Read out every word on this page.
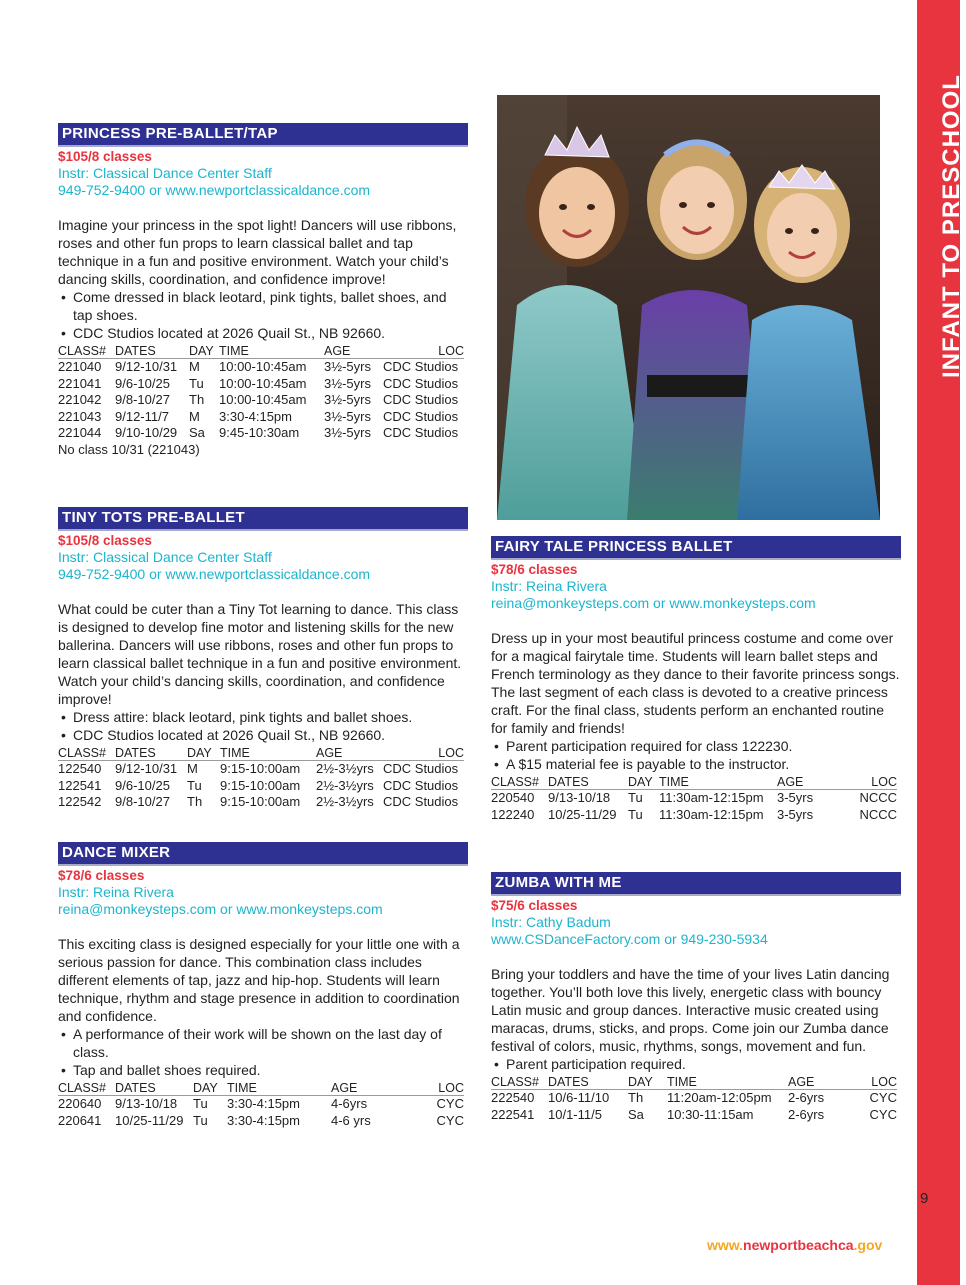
INFANT TO PRESCHOOL
PRINCESS PRE-BALLET/TAP
$105/8 classes
Instr: Classical Dance Center Staff
949-752-9400 or www.newportclassicaldance.com
Imagine your princess in the spot light! Dancers will use ribbons, roses and other fun props to learn classical ballet and tap technique in a fun and positive environment. Watch your child’s dancing skills, coordination, and confidence improve!
• Come dressed in black leotard, pink tights, ballet shoes, and tap shoes.
• CDC Studios located at 2026 Quail St., NB 92660.
CLASS#	DATES	DAY	TIME	AGE	LOC
221040	9/12-10/31	M	10:00-10:45am	3½-5yrs	CDC Studios
221041	9/6-10/25	Tu	10:00-10:45am	3½-5yrs	CDC Studios
221042	9/8-10/27	Th	10:00-10:45am	3½-5yrs	CDC Studios
221043	9/12-11/7	M	3:30-4:15pm	3½-5yrs	CDC Studios
221044	9/10-10/29	Sa	9:45-10:30am	3½-5yrs	CDC Studios
No class 10/31 (221043)
TINY TOTS PRE-BALLET
$105/8 classes
Instr: Classical Dance Center Staff
949-752-9400 or www.newportclassicaldance.com
What could be cuter than a Tiny Tot learning to dance. This class is designed to develop fine motor and listening skills for the new ballerina. Dancers will use ribbons, roses and other fun props to learn classical ballet technique in a fun and positive environment. Watch your child’s dancing skills, coordination, and confidence improve!
• Dress attire: black leotard, pink tights and ballet shoes.
• CDC Studios located at 2026 Quail St., NB 92660.
CLASS#	DATES	DAY	TIME	AGE	LOC
122540	9/12-10/31	M	9:15-10:00am	2½-3½yrs	CDC Studios
122541	9/6-10/25	Tu	9:15-10:00am	2½-3½yrs	CDC Studios
122542	9/8-10/27	Th	9:15-10:00am	2½-3½yrs	CDC Studios
DANCE MIXER
$78/6 classes
Instr: Reina Rivera
reina@monkeysteps.com or www.monkeysteps.com
This exciting class is designed especially for your little one with a serious passion for dance. This combination class includes different elements of tap, jazz and hip-hop. Students will learn technique, rhythm and stage presence in addition to coordination and confidence.
• A performance of their work will be shown on the last day of class.
• Tap and ballet shoes required.
CLASS#	DATES	DAY	TIME	AGE	LOC
220640	9/13-10/18	Tu	3:30-4:15pm	4-6yrs	CYC
220641	10/25-11/29	Tu	3:30-4:15pm	4-6 yrs	CYC
FAIRY TALE PRINCESS BALLET
$78/6 classes
Instr: Reina Rivera
reina@monkeysteps.com or www.monkeysteps.com
Dress up in your most beautiful princess costume and come over for a magical fairytale time. Students will learn ballet steps and French terminology as they dance to their favorite princess songs. The last segment of each class is devoted to a creative princess craft. For the final class, students perform an enchanted routine for family and friends!
• Parent participation required for class 122230.
• A $15 material fee is payable to the instructor.
CLASS#	DATES	DAY	TIME	AGE	LOC
220540	9/13-10/18	Tu	11:30am-12:15pm	3-5yrs	NCCC
122240	10/25-11/29	Tu	11:30am-12:15pm	3-5yrs	NCCC
ZUMBA WITH ME
$75/6 classes
Instr: Cathy Badum
www.CSDanceFactory.com or 949-230-5934
Bring your toddlers and have the time of your lives Latin dancing together. You’ll both love this lively, energetic class with bouncy Latin music and group dances. Interactive music created using maracas, drums, sticks, and props. Come join our Zumba dance festival of colors, music, rhythms, songs, movement and fun.
• Parent participation required.
CLASS#	DATES	DAY	TIME	AGE	LOC
222540	10/6-11/10	Th	11:20am-12:05pm	2-6yrs	CYC
222541	10/1-11/5	Sa	10:30-11:15am	2-6yrs	CYC
9
www.newportbeachca.gov
